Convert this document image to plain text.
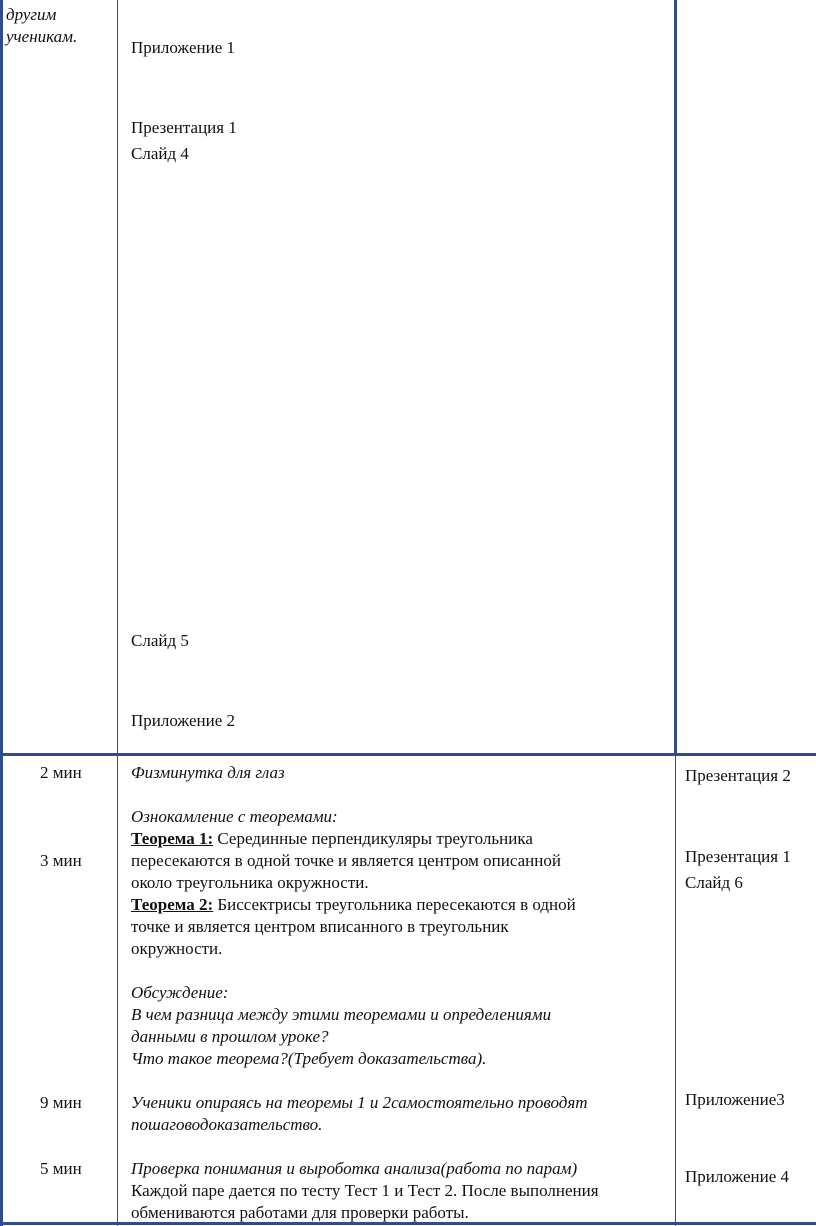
другим
ученикам.
Приложение 1
Презентация 1
Слайд 4
Слайд 5
Приложение 2
2 мин
3 мин
9 мин
5 мин
Физминутка для глаз
Ознокамление с теоремами:
Теорема 1: Серединные перпендикуляры треугольника
пересекаются в одной точке и является центром описанной
около треугольника окружности.
Теорема 2: Биссектрисы треугольника пересекаются в одной
точке и является центром вписанного в треугольник
окружности.
Обсуждение:
В чем разница между этими теоремами и определениями
данными в прошлом уроке?
Что такое теорема?(Требует доказательства).
Ученики опираясь на теоремы 1 и 2самостоятельно проводят
пошаговодоказательство.
Проверка понимания и выроботка анализа(работа по парам)
Каждой паре дается по тесту Тест 1 и Тест 2. После выполнения
обмениваются работами для проверки работы.
Презентация 2
Презентация 1
Слайд 6
Приложение3
Приложение 4
